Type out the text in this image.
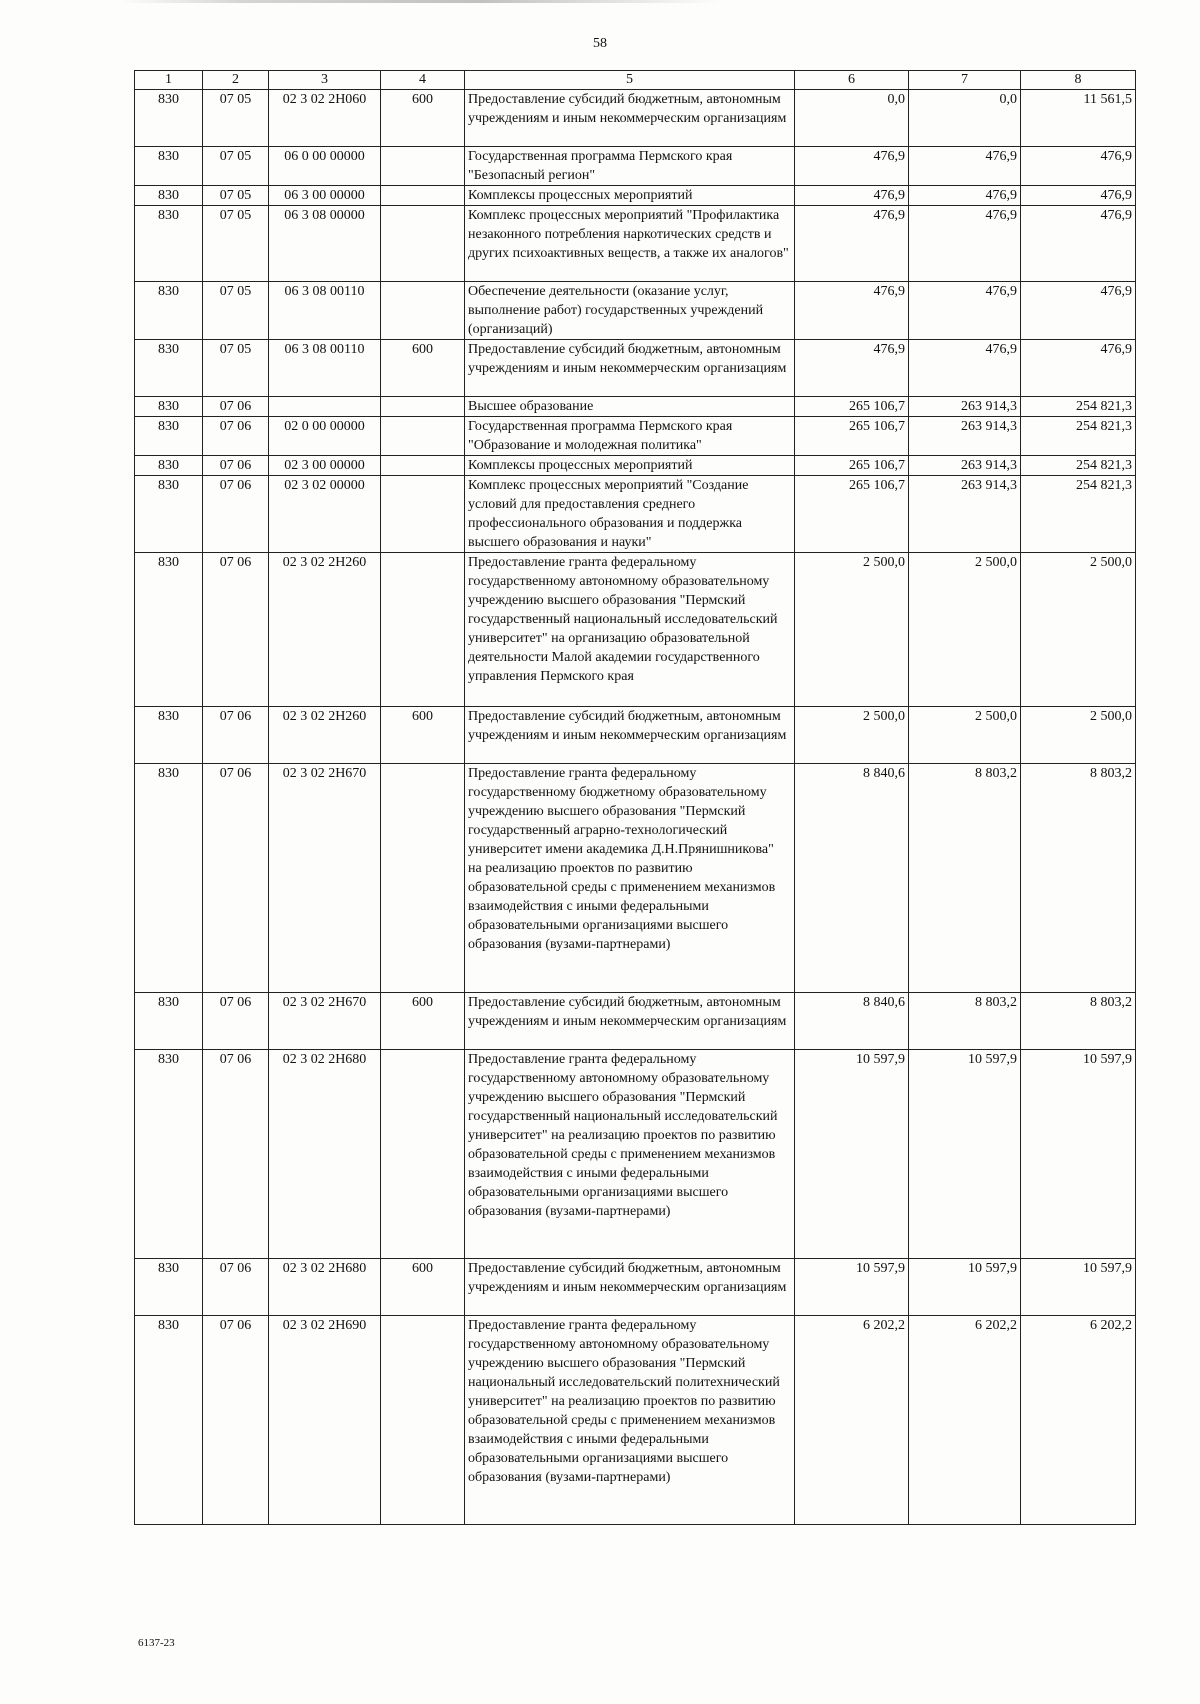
58
1	2	3	4	5	6	7	8
830	07 05	02 3 02 2Н060	600	Предоставление субсидий бюджетным, автономным учреждениям и иным некоммерческим организациям	0,0	0,0	11 561,5
830	07 05	06 0 00 00000		Государственная программа Пермского края "Безопасный регион"	476,9	476,9	476,9
830	07 05	06 3 00 00000		Комплексы процессных мероприятий	476,9	476,9	476,9
830	07 05	06 3 08 00000		Комплекс процессных мероприятий "Профилактика незаконного потребления наркотических средств и других психоактивных веществ, а также их аналогов"	476,9	476,9	476,9
830	07 05	06 3 08 00110		Обеспечение деятельности (оказание услуг, выполнение работ) государственных учреждений (организаций)	476,9	476,9	476,9
830	07 05	06 3 08 00110	600	Предоставление субсидий бюджетным, автономным учреждениям и иным некоммерческим организациям	476,9	476,9	476,9
830	07 06			Высшее образование	265 106,7	263 914,3	254 821,3
830	07 06	02 0 00 00000		Государственная программа Пермского края "Образование и молодежная политика"	265 106,7	263 914,3	254 821,3
830	07 06	02 3 00 00000		Комплексы процессных мероприятий	265 106,7	263 914,3	254 821,3
830	07 06	02 3 02 00000		Комплекс процессных мероприятий "Создание условий для предоставления среднего профессионального образования и поддержка высшего образования и науки"	265 106,7	263 914,3	254 821,3
830	07 06	02 3 02 2Н260		Предоставление гранта федеральному государственному автономному образовательному учреждению высшего образования "Пермский государственный национальный исследовательский университет" на организацию образовательной деятельности Малой академии государственного управления Пермского края	2 500,0	2 500,0	2 500,0
830	07 06	02 3 02 2Н260	600	Предоставление субсидий бюджетным, автономным учреждениям и иным некоммерческим организациям	2 500,0	2 500,0	2 500,0
830	07 06	02 3 02 2Н670		Предоставление гранта федеральному государственному бюджетному образовательному учреждению высшего образования "Пермский государственный аграрно-технологический университет имени академика Д.Н.Прянишникова" на реализацию проектов по развитию образовательной среды с применением механизмов взаимодействия с иными федеральными образовательными организациями высшего образования (вузами-партнерами)	8 840,6	8 803,2	8 803,2
830	07 06	02 3 02 2Н670	600	Предоставление субсидий бюджетным, автономным учреждениям и иным некоммерческим организациям	8 840,6	8 803,2	8 803,2
830	07 06	02 3 02 2Н680		Предоставление гранта федеральному государственному автономному образовательному учреждению высшего образования "Пермский государственный национальный исследовательский университет" на реализацию проектов по развитию образовательной среды с применением механизмов взаимодействия с иными федеральными образовательными организациями высшего образования (вузами-партнерами)	10 597,9	10 597,9	10 597,9
830	07 06	02 3 02 2Н680	600	Предоставление субсидий бюджетным, автономным учреждениям и иным некоммерческим организациям	10 597,9	10 597,9	10 597,9
830	07 06	02 3 02 2Н690		Предоставление гранта федеральному государственному автономному образовательному учреждению высшего образования "Пермский национальный исследовательский политехнический университет" на реализацию проектов по развитию образовательной среды с применением механизмов взаимодействия с иными федеральными образовательными организациями высшего образования (вузами-партнерами)	6 202,2	6 202,2	6 202,2
6137-23
